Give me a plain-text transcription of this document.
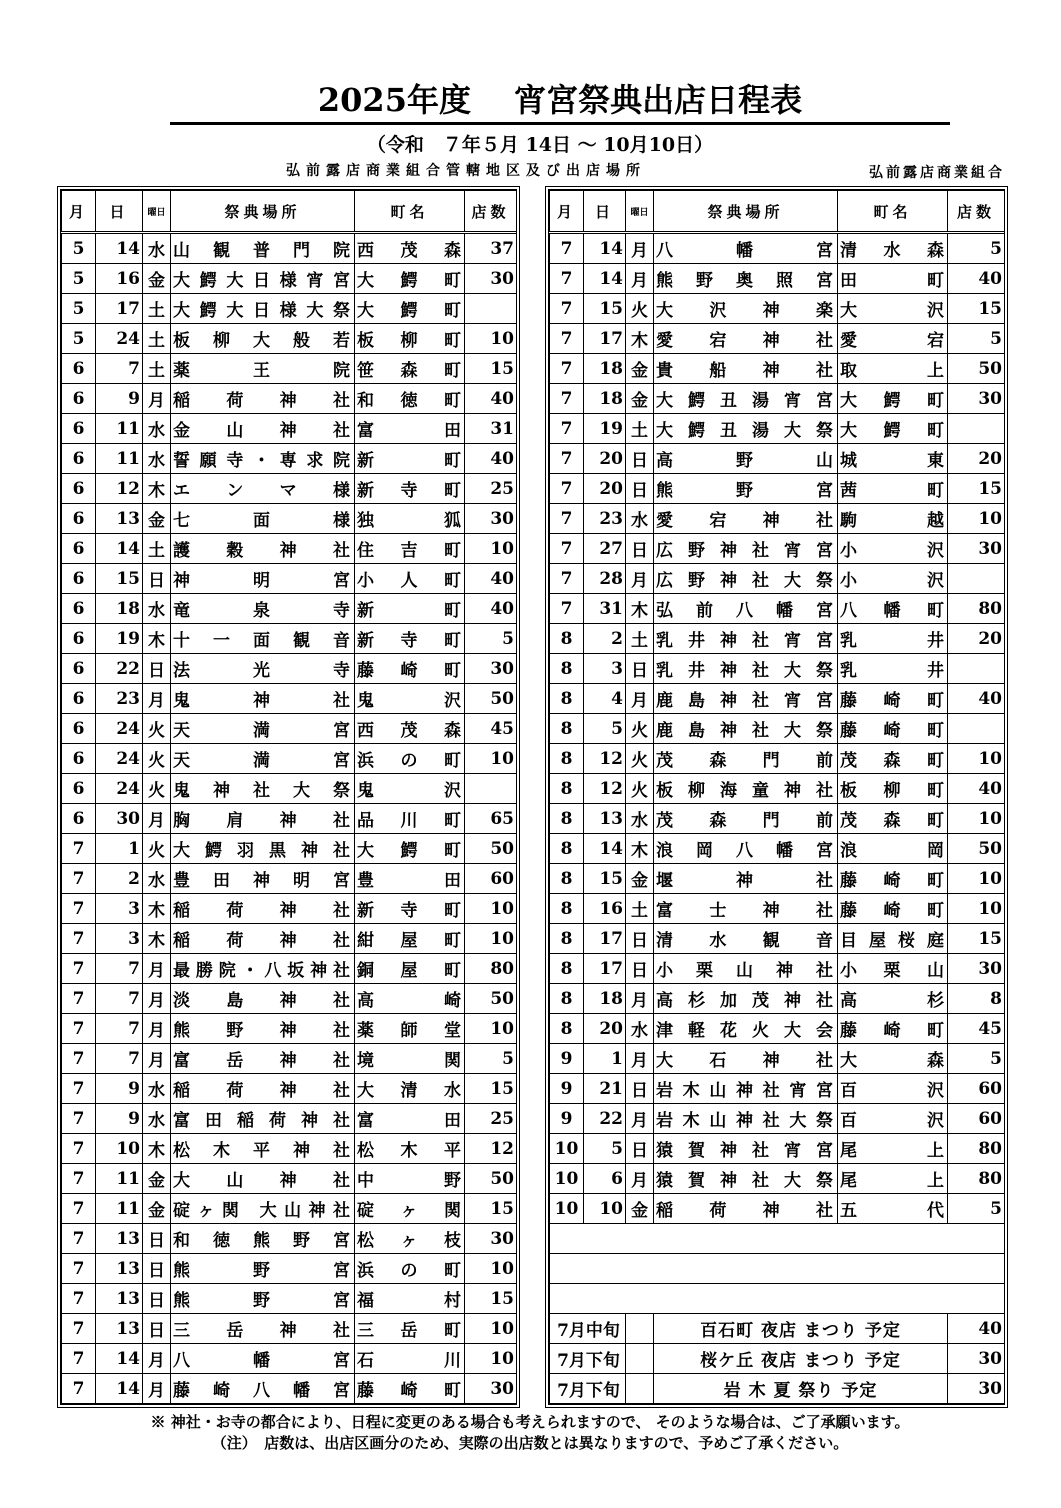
2025年度　 宵宮祭典出店日程表
（令和　７年５月 14日 ～ 10月10日）
弘前露店商業組合管轄地区及び出店場所	弘前露店商業組合
月	日	曜日	祭典場所	町名	店数
5	14	水	山観普門院	西茂森	37
5	16	金	大鰐大日様宵宮	大鰐町	30
5	17	土	大鰐大日様大祭	大鰐町	
5	24	土	板柳大般若	板柳町	10
6	7	土	薬王院	笹森町	15
6	9	月	稲荷神社	和徳町	40
6	11	水	金山神社	富田	31
6	11	水	誓願寺・専求院	新町	40
6	12	木	エンマ様	新寺町	25
6	13	金	七面様	独狐	30
6	14	土	護穀神社	住吉町	10
6	15	日	神明宮	小人町	40
6	18	水	竜泉寺	新町	40
6	19	木	十一面観音	新寺町	5
6	22	日	法光寺	藤崎町	30
6	23	月	鬼神社	鬼沢	50
6	24	火	天満宮	西茂森	45
6	24	火	天満宮	浜の町	10
6	24	火	鬼神社大祭	鬼沢	
6	30	月	胸肩神社	品川町	65
7	1	火	大鰐羽黒神社	大鰐町	50
7	2	水	豊田神明宮	豊田	60
7	3	木	稲荷神社	新寺町	10
7	3	木	稲荷神社	紺屋町	10
7	7	月	最勝院・八坂神社	銅屋町	80
7	7	月	淡島神社	高崎	50
7	7	月	熊野神社	薬師堂	10
7	7	月	富岳神社	境関	5
7	9	水	稲荷神社	大清水	15
7	9	水	富田稲荷神社	富田	25
7	10	木	松木平神社	松木平	12
7	11	金	大山神社	中野	50
7	11	金	碇ヶ関 大山神社	碇ヶ関	15
7	13	日	和徳熊野宮	松ヶ枝	30
7	13	日	熊野宮	浜の町	10
7	13	日	熊野宮	福村	15
7	13	日	三岳神社	三岳町	10
7	14	月	八幡宮	石川	10
7	14	月	藤崎八幡宮	藤崎町	30
月	日	曜日	祭典場所	町名	店数
7	14	月	八幡宮	清水森	5
7	14	月	熊野奥照宮	田町	40
7	15	火	大沢神楽	大沢	15
7	17	木	愛宕神社	愛宕	5
7	18	金	貴船神社	取上	50
7	18	金	大鰐丑湯宵宮	大鰐町	30
7	19	土	大鰐丑湯大祭	大鰐町	
7	20	日	高野山	城東	20
7	20	日	熊野宮	茜町	15
7	23	水	愛宕神社	駒越	10
7	27	日	広野神社宵宮	小沢	30
7	28	月	広野神社大祭	小沢	
7	31	木	弘前八幡宮	八幡町	80
8	2	土	乳井神社宵宮	乳井	20
8	3	日	乳井神社大祭	乳井	
8	4	月	鹿島神社宵宮	藤崎町	40
8	5	火	鹿島神社大祭	藤崎町	
8	12	火	茂森門前	茂森町	10
8	12	火	板柳海童神社	板柳町	40
8	13	水	茂森門前	茂森町	10
8	14	木	浪岡八幡宮	浪岡	50
8	15	金	堰神社	藤崎町	10
8	16	土	富士神社	藤崎町	10
8	17	日	清水観音	目屋桜庭	15
8	17	日	小栗山神社	小栗山	30
8	18	月	高杉加茂神社	高杉	8
8	20	水	津軽花火大会	藤崎町	45
9	1	月	大石神社	大森	5
9	21	日	岩木山神社宵宮	百沢	60
9	22	月	岩木山神社大祭	百沢	60
10	5	日	猿賀神社宵宮	尾上	80
10	6	月	猿賀神社大祭	尾上	80
10	10	金	稲荷神社	五代	5

7月中旬			百石町 夜店 まつり 予定		40
7月下旬			桜ケ丘 夜店 まつり 予定		30
7月下旬			岩 木 夏 祭り 予定		30
※ 神社・お寺の都合により、日程に変更のある場合も考えられますので、 そのような場合は、ご了承願います。
（注）　店数は、出店区画分のため、実際の出店数とは異なりますので、予めご了承ください。
